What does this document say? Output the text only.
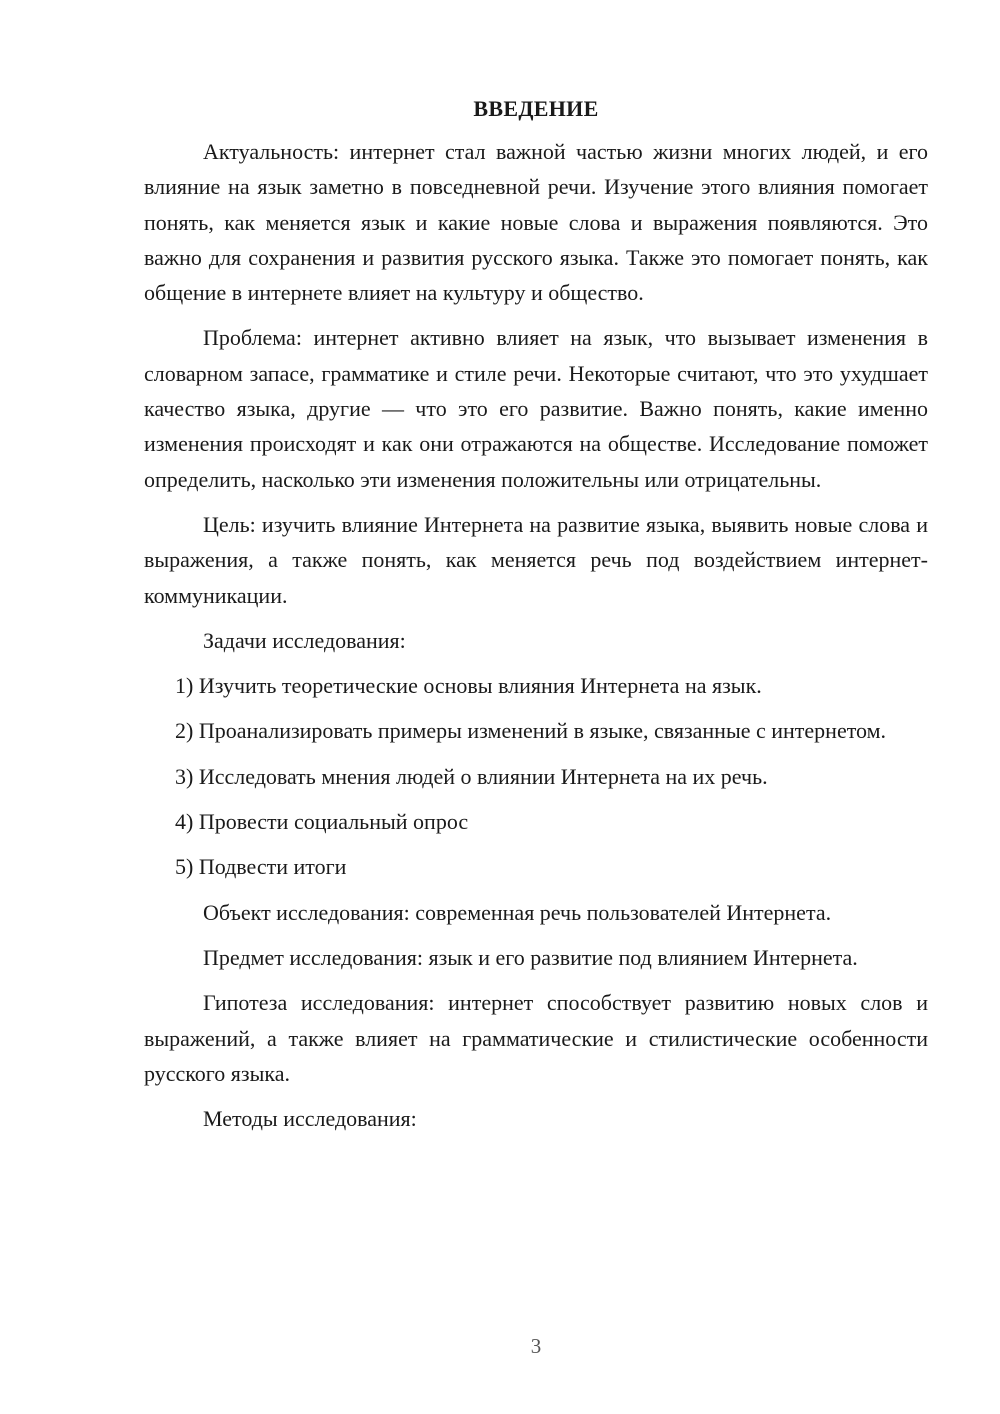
ВВЕДЕНИЕ

Актуальность: интернет стал важной частью жизни многих людей, и его влияние на язык заметно в повседневной речи. Изучение этого влияния помогает понять, как меняется язык и какие новые слова и выражения появляются. Это важно для сохранения и развития русского языка. Также это помогает понять, как общение в интернете влияет на культуру и общество.

Проблема: интернет активно влияет на язык, что вызывает изменения в словарном запасе, грамматике и стиле речи. Некоторые считают, что это ухудшает качество языка, другие — что это его развитие. Важно понять, какие именно изменения происходят и как они отражаются на обществе. Исследование поможет определить, насколько эти изменения положительны или отрицательны.

Цель: изучить влияние Интернета на развитие языка, выявить новые слова и выражения, а также понять, как меняется речь под воздействием интернет-коммуникации.

Задачи исследования:

1) Изучить теоретические основы влияния Интернета на язык.

2) Проанализировать примеры изменений в языке, связанные с интернетом.

3) Исследовать мнения людей о влиянии Интернета на их речь.

4) Провести социальный опрос

5) Подвести итоги

Объект исследования: современная речь пользователей Интернета.

Предмет исследования: язык и его развитие под влиянием Интернета.

Гипотеза исследования: интернет способствует развитию новых слов и выражений, а также влияет на грамматические и стилистические особенности русского языка.

Методы исследования:

3
